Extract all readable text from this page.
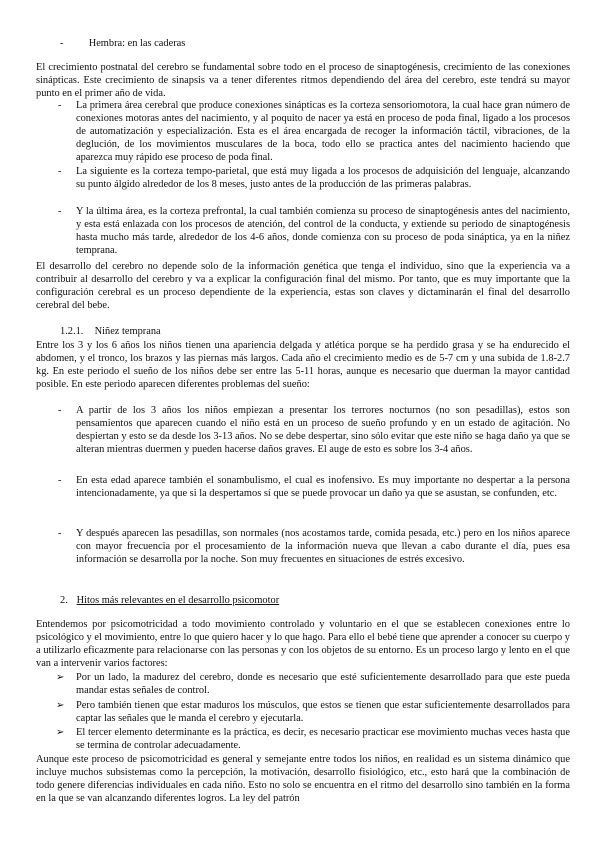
- Hembra: en las caderas

El crecimiento postnatal del cerebro se fundamental sobre todo en el proceso de sinaptogénesis, crecimiento de las conexiones sinápticas. Este crecimiento de sinapsis va a tener diferentes ritmos dependiendo del área del cerebro, este tendrá su mayor punto en el primer año de vida.

- La primera área cerebral que produce conexiones sinápticas es la corteza sensoriomotora, la cual hace gran número de conexiones motoras antes del nacimiento, y al poquito de nacer ya está en proceso de poda final, ligado a los procesos de automatización y especialización. Esta es el área encargada de recoger la información táctil, vibraciones, de la deglución, de los movimientos musculares de la boca, todo ello se practica antes del nacimiento haciendo que aparezca muy rápido ese proceso de poda final.
- La siguiente es la corteza tempo-parietal, que está muy ligada a los procesos de adquisición del lenguaje, alcanzando su punto álgido alrededor de los 8 meses, justo antes de la producción de las primeras palabras.
- Y la última área, es la corteza prefrontal, la cual también comienza su proceso de sinaptogénesis antes del nacimiento, y esta está enlazada con los procesos de atención, del control de la conducta, y extiende su periodo de sinaptogénesis hasta mucho más tarde, alrededor de los 4-6 años, donde comienza con su proceso de poda sináptica, ya en la niñez temprana.

El desarrollo del cerebro no depende solo de la información genética que tenga el individuo, sino que la experiencia va a contribuir al desarrollo del cerebro y va a explicar la configuración final del mismo. Por tanto, que es muy importante que la configuración cerebral es un proceso dependiente de la experiencia, estas son claves y dictaminarán el final del desarrollo cerebral del bebe.

1.2.1. Niñez temprana

Entre los 3 y los 6 años los niños tienen una apariencia delgada y atlética porque se ha perdido grasa y se ha endurecido el abdomen, y el tronco, los brazos y las piernas más largos. Cada año el crecimiento medio es de 5-7 cm y una subida de 1.8-2.7 kg. En este periodo el sueño de los niños debe ser entre las 5-11 horas, aunque es necesario que duerman la mayor cantidad posible. En este periodo aparecen diferentes problemas del sueño:

- A partir de los 3 años los niños empiezan a presentar los terrores nocturnos (no son pesadillas), estos son pensamientos que aparecen cuando el niño está en un proceso de sueño profundo y en un estado de agitación. No despiertan y esto se da desde los 3-13 años. No se debe despertar, sino sólo evitar que este niño se haga daño ya que se alteran mientras duermen y pueden hacerse daños graves. El auge de esto es sobre los 3-4 años.
- En esta edad aparece también el sonambulismo, el cual es inofensivo. Es muy importante no despertar a la persona intencionadamente, ya que si la despertamos sí que se puede provocar un daño ya que se asustan, se confunden, etc.
- Y después aparecen las pesadillas, son normales (nos acostamos tarde, comida pesada, etc.) pero en los niños aparece con mayor frecuencia por el procesamiento de la información nueva que llevan a cabo durante el día, pues esa información se desarrolla por la noche. Son muy frecuentes en situaciones de estrés excesivo.
2. Hitos más relevantes en el desarrollo psicomotor

Entendemos por psicomotricidad a todo movimiento controlado y voluntario en el que se establecen conexiones entre lo psicológico y el movimiento, entre lo que quiero hacer y lo que hago. Para ello el bebé tiene que aprender a conocer su cuerpo y a utilizarlo eficazmente para relacionarse con las personas y con los objetos de su entorno. Es un proceso largo y lento en el que van a intervenir varios factores:

➢ Por un lado, la madurez del cerebro, donde es necesario que esté suficientemente desarrollado para que este pueda mandar estas señales de control.
➢ Pero también tienen que estar maduros los músculos, que estos se tienen que estar suficientemente desarrollados para captar las señales que le manda el cerebro y ejecutarla.
➢ El tercer elemento determinante es la práctica, es decir, es necesario practicar ese movimiento muchas veces hasta que se termina de controlar adecuadamente.

Aunque este proceso de psicomotricidad es general y semejante entre todos los niños, en realidad es un sistema dinámico que incluye muchos subsistemas como la percepción, la motivación, desarrollo fisiológico, etc., esto hará que la combinación de todo genere diferencias individuales en cada niño. Esto no solo se encuentra en el ritmo del desarrollo sino también en la forma en la que se van alcanzando diferentes logros. La ley del patrón
